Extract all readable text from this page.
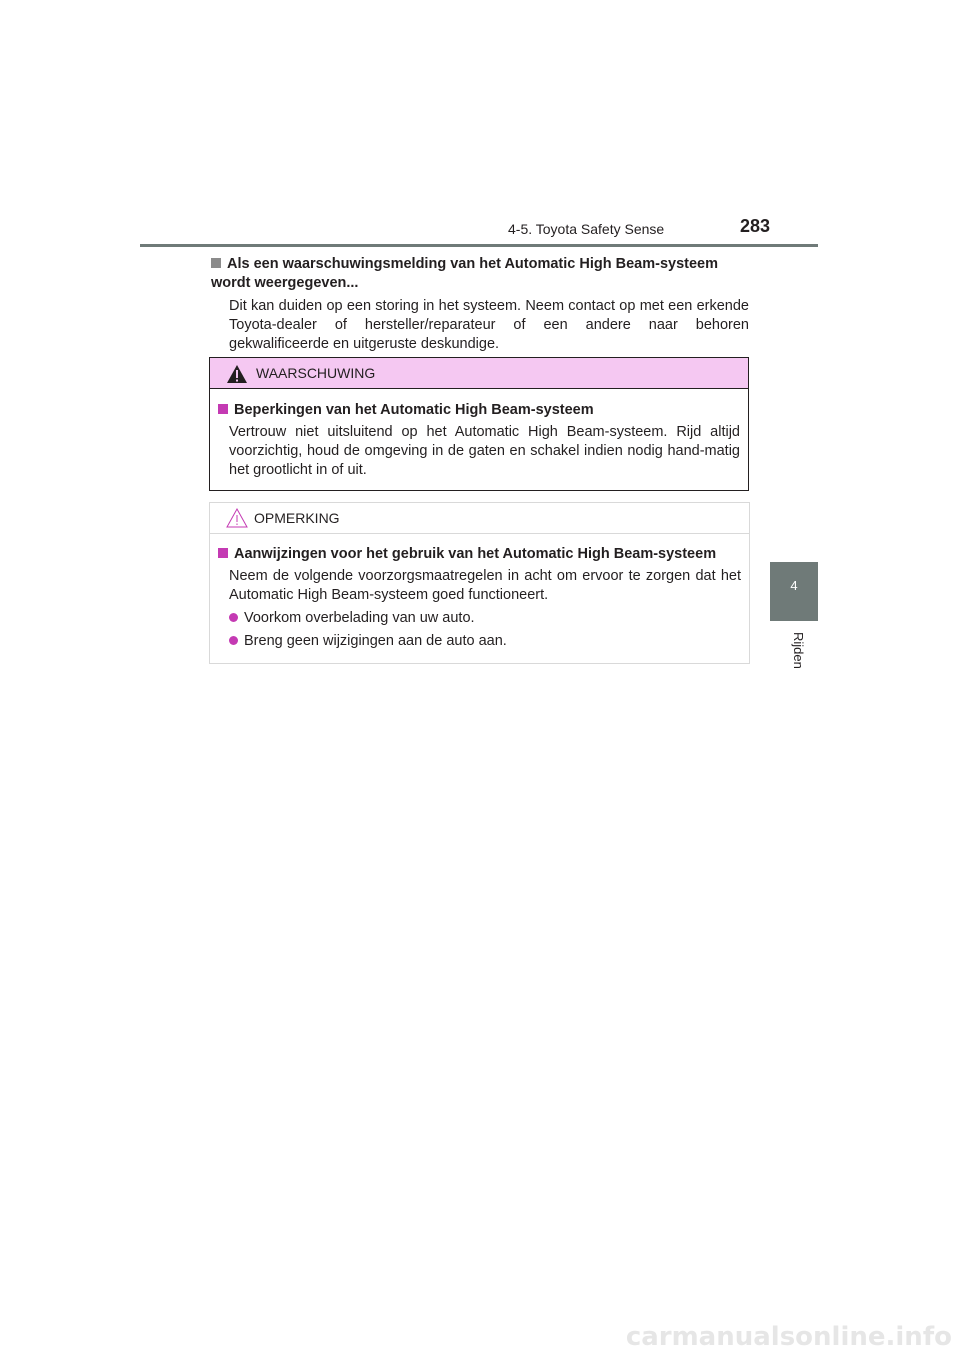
4-5. Toyota Safety Sense	283
4
Rijden
Als een waarschuwingsmelding van het Automatic High Beam-systeem wordt weergegeven...
Dit kan duiden op een storing in het systeem. Neem contact op met een erkende Toyota-dealer of hersteller/reparateur of een andere naar behoren gekwalificeerde en uitgeruste deskundige.
WAARSCHUWING
Beperkingen van het Automatic High Beam-systeem
Vertrouw niet uitsluitend op het Automatic High Beam-systeem. Rijd altijd voorzichtig, houd de omgeving in de gaten en schakel indien nodig hand-matig het grootlicht in of uit.
OPMERKING
Aanwijzingen voor het gebruik van het Automatic High Beam-systeem
Neem de volgende voorzorgsmaatregelen in acht om ervoor te zorgen dat het Automatic High Beam-systeem goed functioneert.
Voorkom overbelading van uw auto.
Breng geen wijzigingen aan de auto aan.
carmanualsonline.info
